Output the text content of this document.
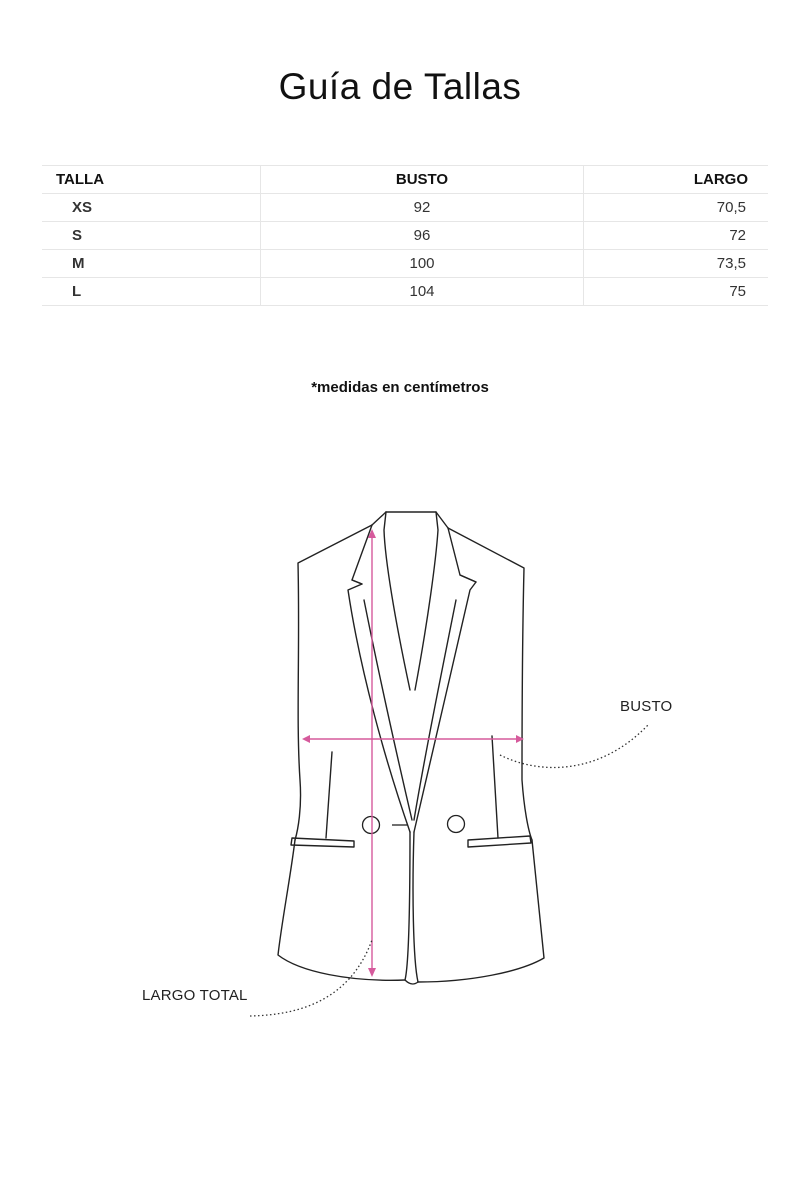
Guía de Tallas
TALLA	BUSTO	LARGO
XS	92	70,5
S	96	72
M	100	73,5
L	104	75
*medidas en centímetros
BUSTO
LARGO TOTAL
